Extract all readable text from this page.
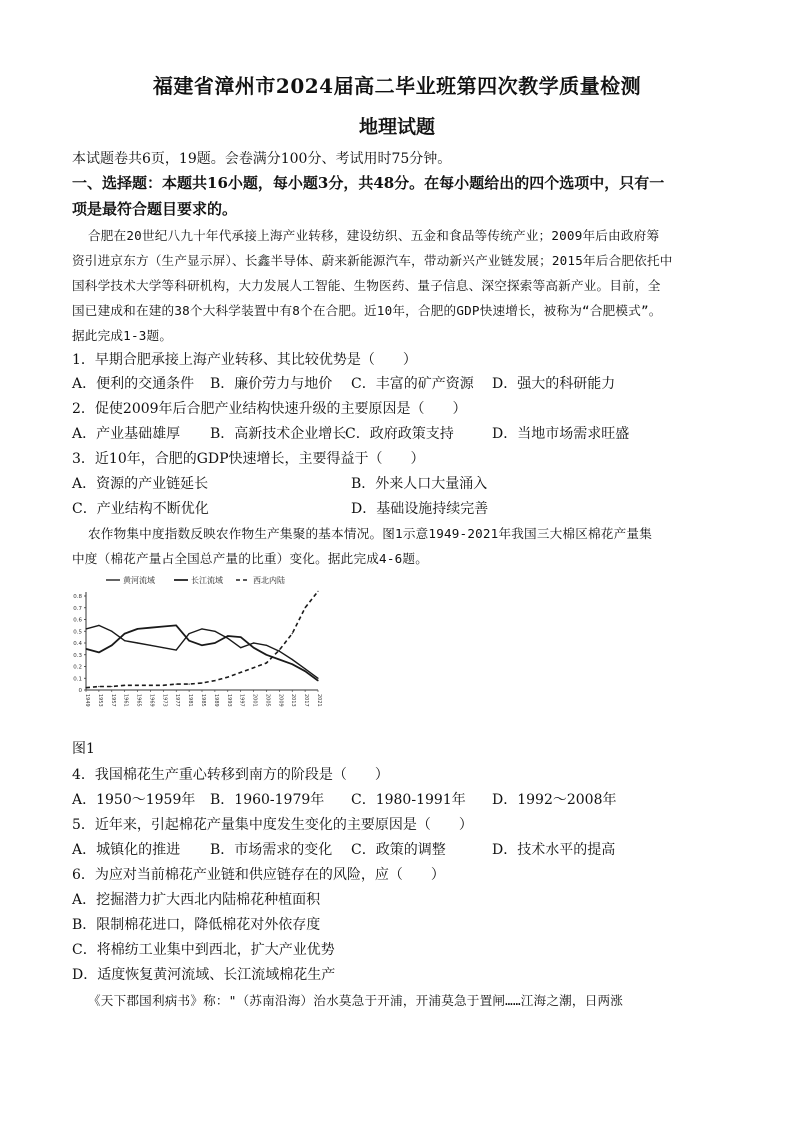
福建省漳州市2024届高二毕业班第四次教学质量检测
地理试题
本试题卷共6页，19题。会卷满分100分、考试用时75分钟。
一、选择题：本题共16小题，每小题3分，共48分。在每小题给出的四个选项中，只有一
项是最符合题目要求的。
合肥在20世纪八九十年代承接上海产业转移，建设纺织、五金和食品等传统产业；2009年后由政府筹
资引进京东方（生产显示屏）、长鑫半导体、蔚来新能源汽车，带动新兴产业链发展；2015年后合肥依托中
国科学技术大学等科研机构，大力发展人工智能、生物医药、量子信息、深空探索等高新产业。目前，全
国已建成和在建的38个大科学装置中有8个在合肥。近10年，合肥的GDP快速增长，被称为“合肥模式”。
据此完成1-3题。
1．早期合肥承接上海产业转移、其比较优势是（　　）
A．便利的交通条件 B．廉价劳力与地价 C．丰富的矿产资源 D．强大的科研能力
2．促使2009年后合肥产业结构快速升级的主要原因是（　　）
A．产业基础雄厚 B．高新技术企业增长
C．政府政策支持	D．当地市场需求旺盛
3．近10年，合肥的GDP快速增长，主要得益于（　　）
A．资源的产业链延长	B．外来人口大量涌入
C．产业结构不断优化	D．基础设施持续完善
农作物集中度指数反映农作物生产集聚的基本情况。图1示意1949-2021年我国三大棉区棉花产量集
中度（棉花产量占全国总产量的比重）变化。据此完成4-6题。
黄河流域	长江流域	西北内陆
0.8
0.7
0.6
0.5
0.4
0.3
0.2
0.1
0
1949 1953 1957 1961 1965 1969 1973 1977 1981 1985 1989 1993 1997 2001 2005 2009 2013 2017 2021
图1
4．我国棉花生产重心转移到南方的阶段是（　　）
A．1950～1959年 B．1960-1979年 C．1980-1991年 D．1992～2008年
5．近年来，引起棉花产量集中度发生变化的主要原因是（　　）
A．城镇化的推进 B．市场需求的变化 C．政策的调整	D．技术水平的提高
6．为应对当前棉花产业链和供应链存在的风险，应（　　）
A．挖掘潜力扩大西北内陆棉花种植面积
B．限制棉花进口，降低棉花对外依存度
C．将棉纺工业集中到西北，扩大产业优势
D．适度恢复黄河流域、长江流域棉花生产
《天下郡国利病书》称："（苏南沿海）治水莫急于开浦，开浦莫急于置闸……江海之潮，日两涨
